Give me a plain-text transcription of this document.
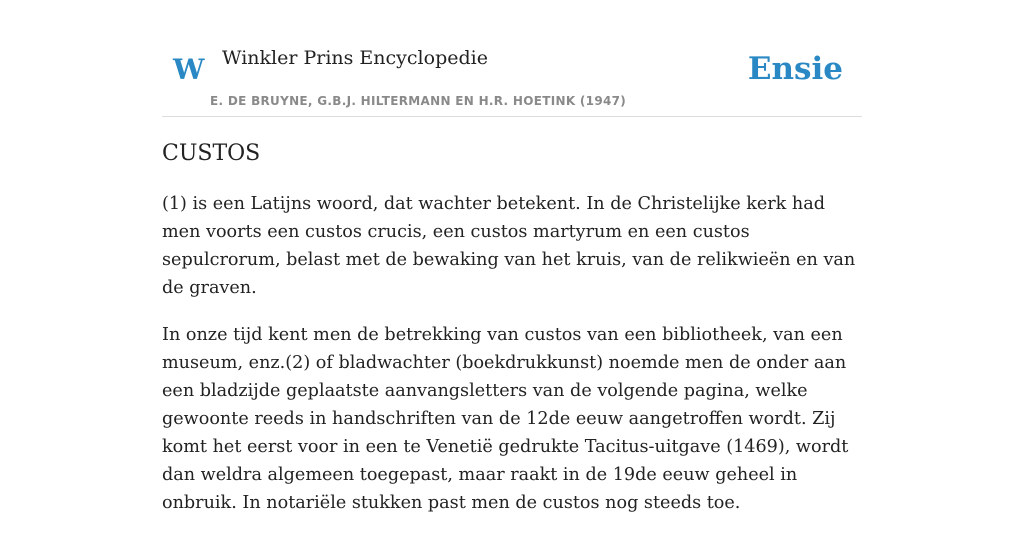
W Winkler Prins Encyclopedie
E. DE BRUYNE, G.B.J. HILTERMANN EN H.R. HOETINK (1947)
Ensie
CUSTOS

(1) is een Latijns woord, dat wachter betekent. In de Christelijke kerk had men voorts een custos crucis, een custos martyrum en een custos sepulcrorum, belast met de bewaking van het kruis, van de relikwieën en van de graven.

In onze tijd kent men de betrekking van custos van een bibliotheek, van een museum, enz.(2) of bladwachter (boekdrukkunst) noemde men de onder aan een bladzijde geplaatste aanvangsletters van de volgende pagina, welke gewoonte reeds in handschriften van de 12de eeuw aangetroffen wordt. Zij komt het eerst voor in een te Venetië gedrukte Tacitus-uitgave (1469), wordt dan weldra algemeen toegepast, maar raakt in de 19de eeuw geheel in onbruik. In notariële stukken past men de custos nog steeds toe.
